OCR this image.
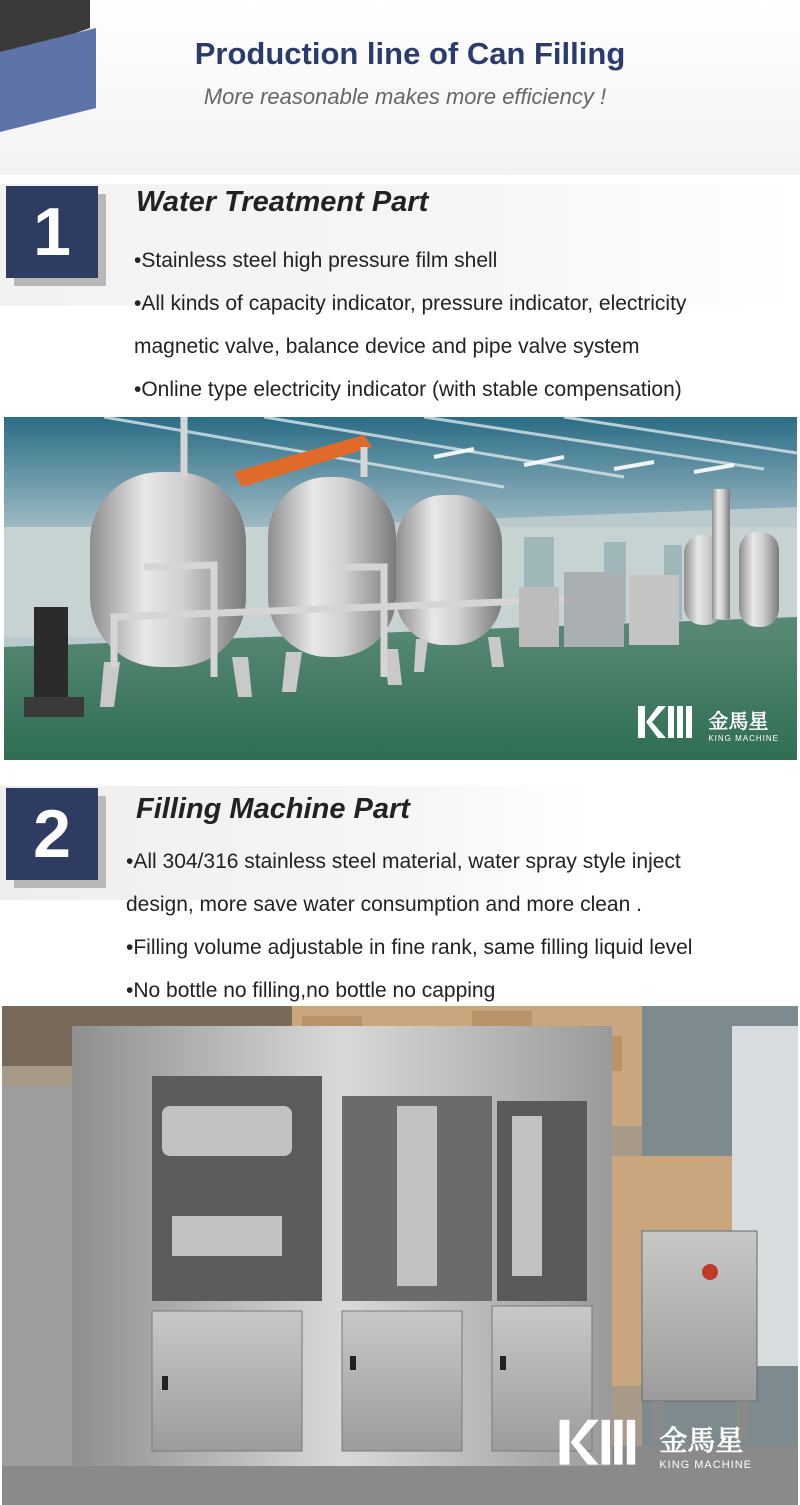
Production line of Can Filling
More reasonable makes more efficiency !
1	Water Treatment Part
•Stainless steel high pressure film shell
•All kinds of capacity indicator, pressure indicator, electricity
magnetic valve, balance device and pipe valve system
•Online type electricity indicator (with stable compensation)
金馬星
KING MACHINE
2	Filling Machine Part
•All 304/316 stainless steel material, water spray style inject
design, more save water consumption and more clean .
•Filling volume adjustable in fine rank, same filling liquid level
•No bottle no filling,no bottle no capping
金馬星
KING MACHINE
